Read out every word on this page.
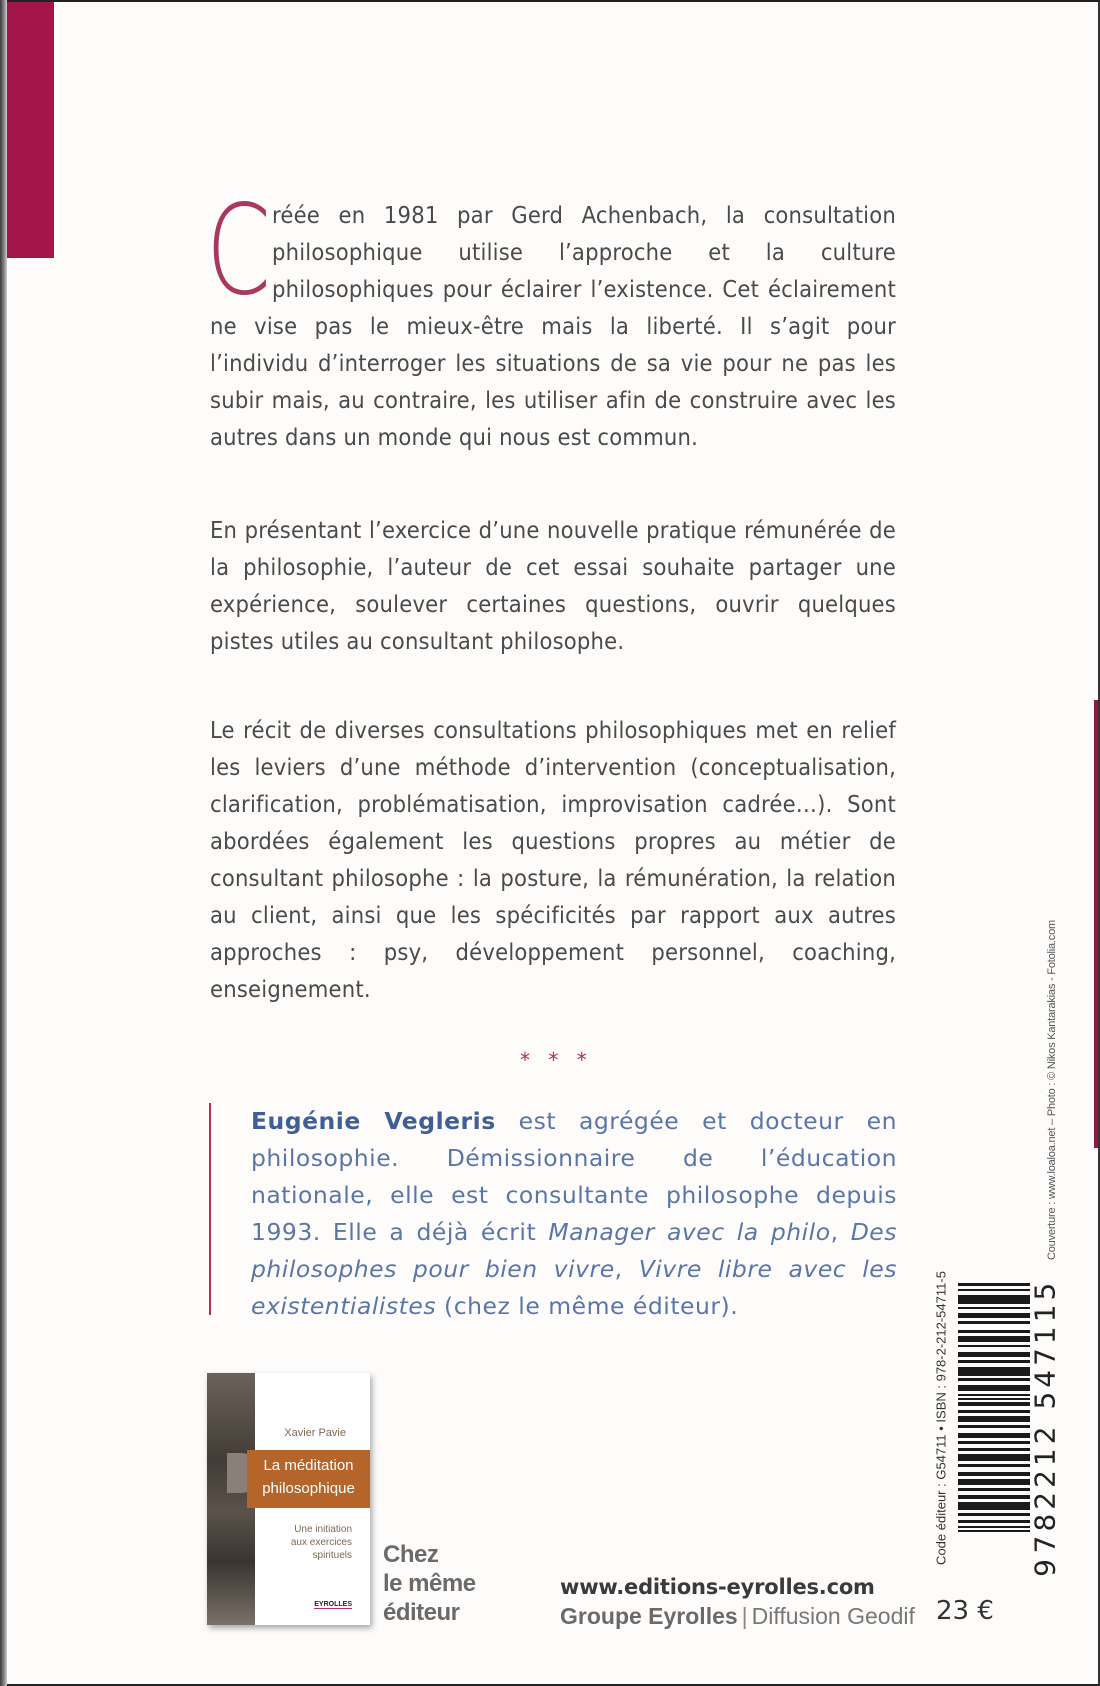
Créée en 1981 par Gerd Achenbach, la consultation philosophique utilise l’approche et la culture philosophiques pour éclairer l’existence. Cet éclairement ne vise pas le mieux-être mais la liberté. Il s’agit pour l’individu d’interroger les situations de sa vie pour ne pas les subir mais, au contraire, les utiliser afin de construire avec les autres dans un monde qui nous est commun.
En présentant l’exercice d’une nouvelle pratique rémunérée de la philosophie, l’auteur de cet essai souhaite partager une expérience, soulever certaines questions, ouvrir quelques pistes utiles au consultant philosophe.
Le récit de diverses consultations philosophiques met en relief les leviers d’une méthode d’intervention (conceptualisation, clarification, problématisation, improvisation cadrée…). Sont abordées également les questions propres au métier de consultant philosophe : la posture, la rémunération, la relation au client, ainsi que les spécificités par rapport aux autres approches : psy, développement personnel, coaching, enseignement.
* * *
Eugénie Vegleris est agrégée et docteur en philosophie. Démissionnaire de l’éducation nationale, elle est consultante philosophe depuis 1993. Elle a déjà écrit Manager avec la philo, Des philosophes pour bien vivre, Vivre libre avec les existentialistes (chez le même éditeur).
Couverture : www.loaloa.net – Photo : © Nikos Kantarakias - Fotolia.com
Code éditeur : G54711 • ISBN : 978-2-212-54711-5	782212 547115
9
23 €
Xavier Pavie
La méditation
philosophique
Une initiation
aux exercices
spirituels
EYROLLES
Chez
le même
éditeur
www.editions-eyrolles.com
Groupe Eyrolles | Diffusion Geodif
